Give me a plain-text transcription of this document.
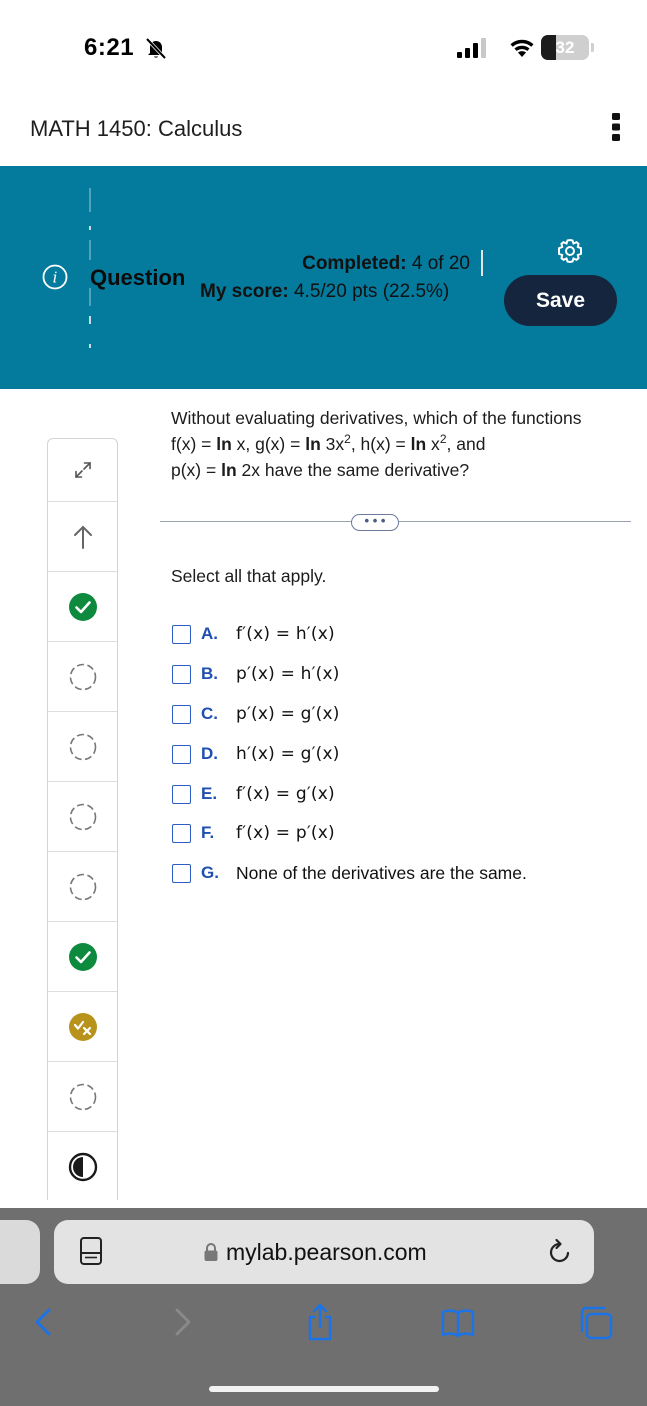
6:21	32
MATH 1450: Calculus
i Question
Completed: 4 of 20
My score: 4.5/20 pts (22.5%)	Save
Without evaluating derivatives, which of the functions
f(x) = ln x, $g(x) = \ln 3x^2$, $h(x) = \ln x^2$, and
p(x) = ln 2x have the same derivative?
• • •
Select all that apply.
A.	f′(x) = h′(x)
B.	p′(x) = h′(x)
C.	p′(x) = g′(x)
D.	h′(x) = g′(x)
E.	f′(x) = g′(x)
F.	f′(x) = p′(x)
G. None of the derivatives are the same.
mylab.pearson.com
